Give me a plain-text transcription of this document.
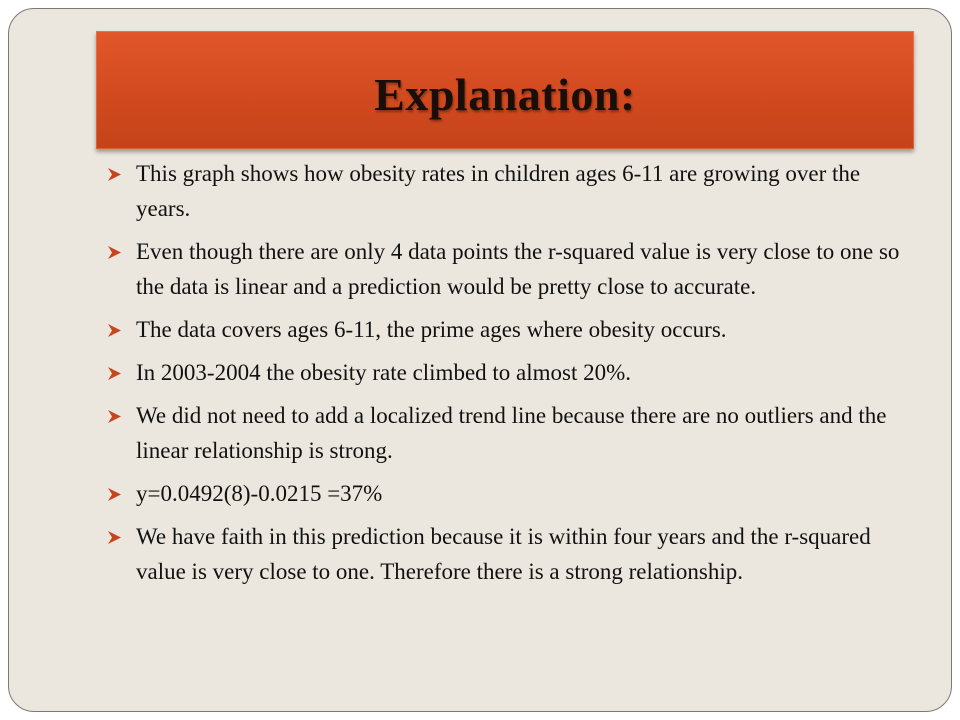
Explanation:
This graph shows how obesity rates in children ages 6-11 are growing over the years.
Even though there are only 4 data points the r-squared value is very close to one so the data is linear and a prediction would be pretty close to accurate.
The data covers ages 6-11, the prime ages where obesity occurs.
In 2003-2004 the obesity rate climbed to almost 20%.
We did not need to add a localized trend line because there are no outliers and the linear relationship is strong.
y=0.0492(8)-0.0215 =37%
We have faith in this prediction because it is within four years and the r-squared value is very close to one. Therefore there is a strong relationship.
